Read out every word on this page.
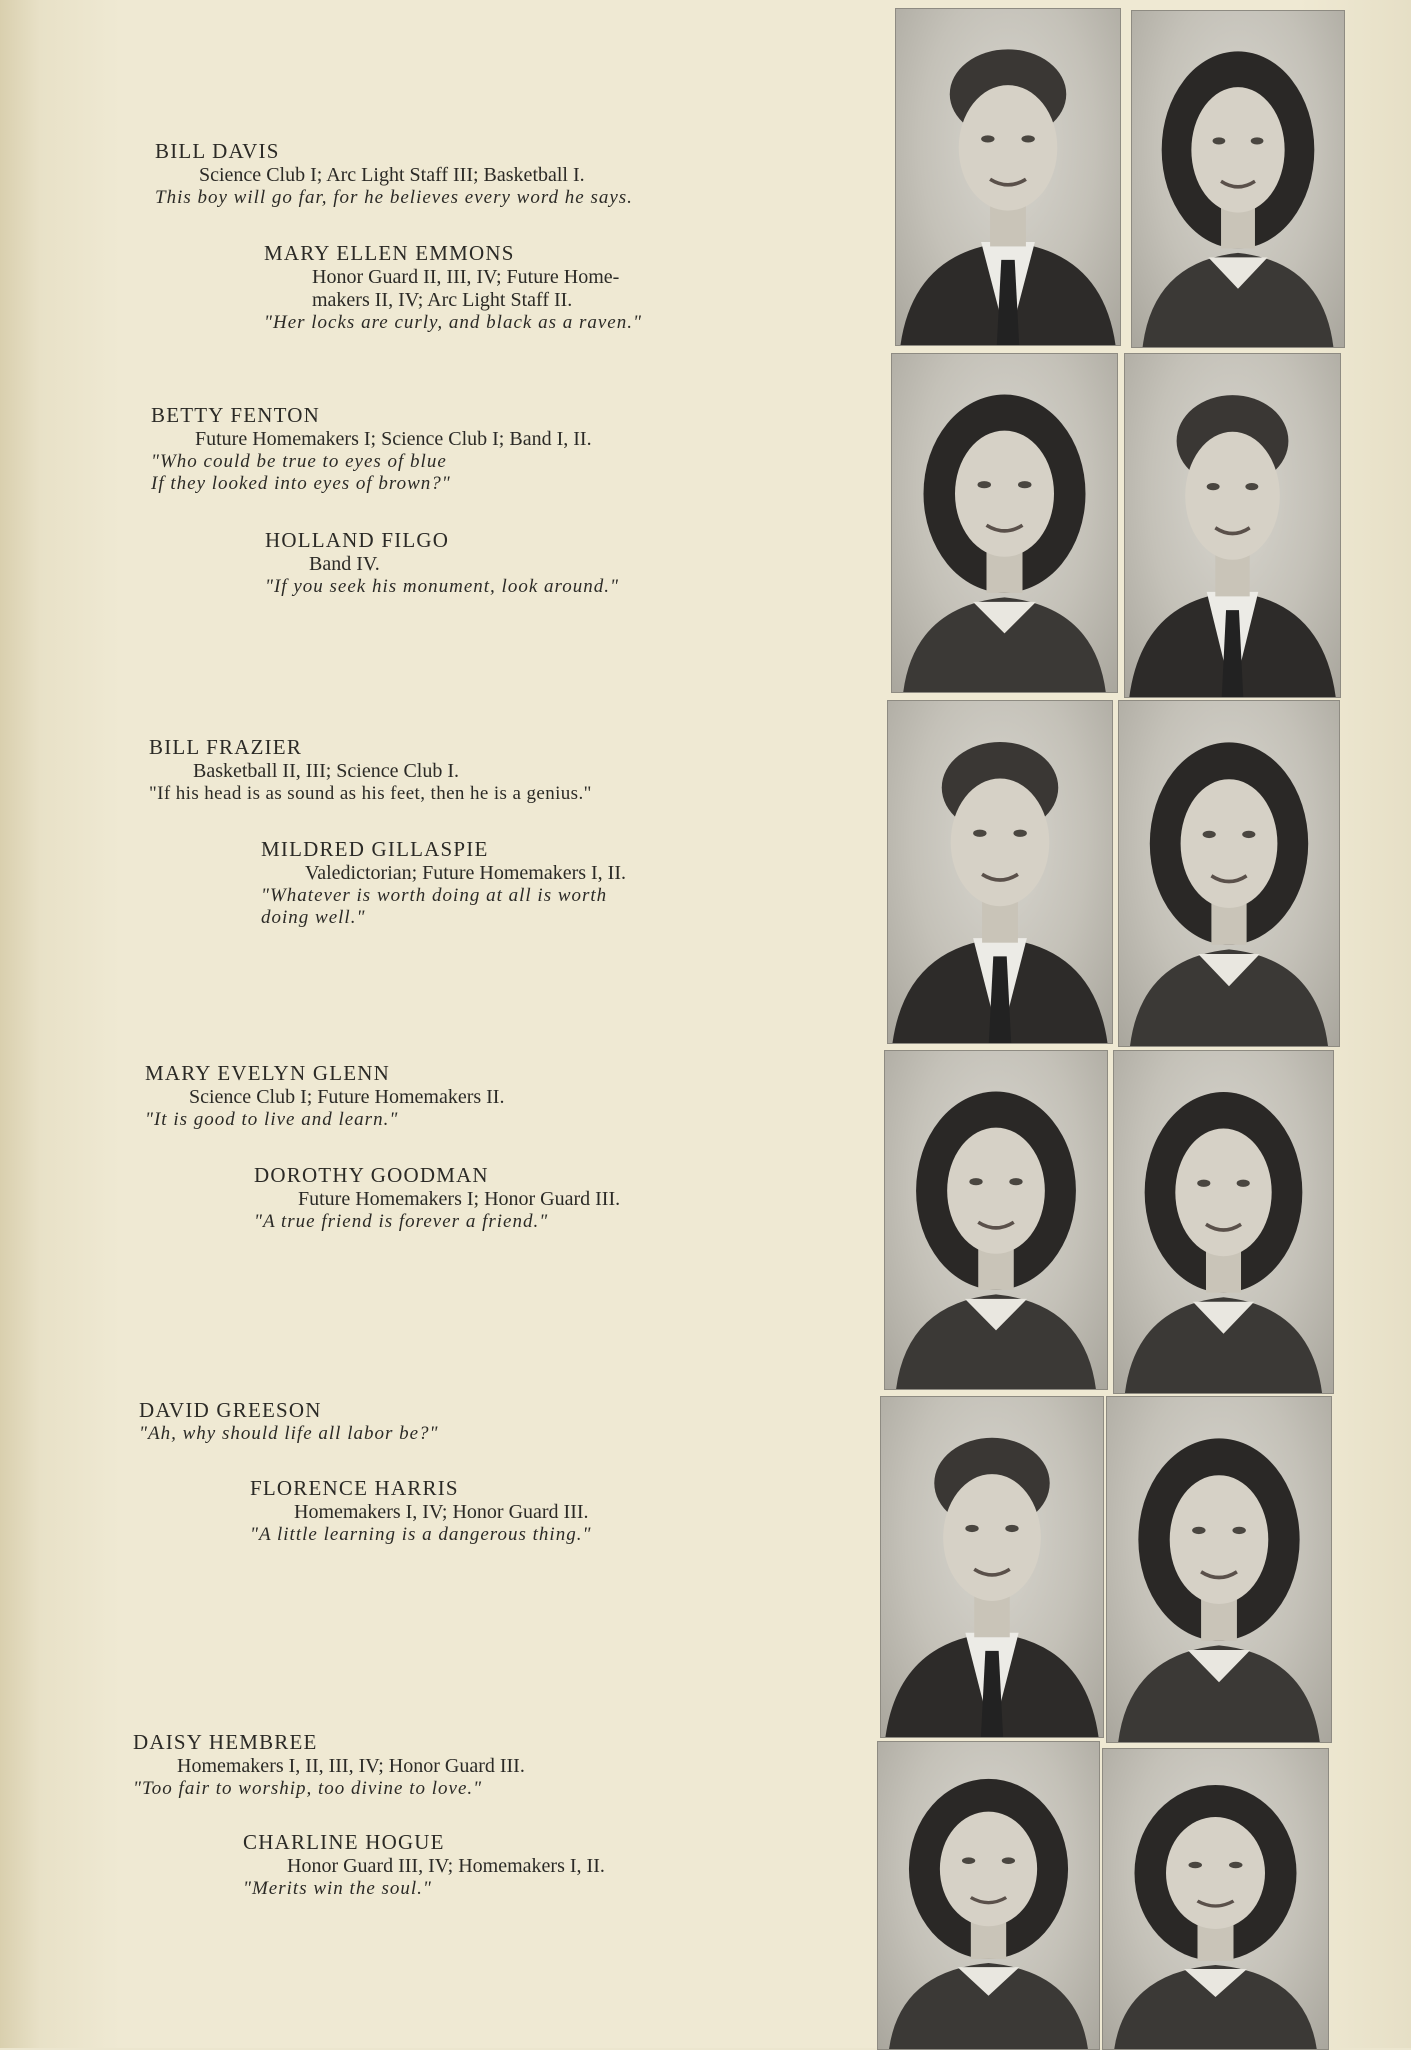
BILL DAVIS

Science Club I; Arc Light Staff III; Basketball I.

This boy will go far, for he believes every word he says.

MARY ELLEN EMMONS

Honor Guard II, III, IV; Future Home-
makers II, IV; Arc Light Staff II.

"Her locks are curly, and black as a raven."

BETTY FENTON

Future Homemakers I; Science Club I; Band I, II.

"Who could be true to eyes of blue
If they looked into eyes of brown?"

HOLLAND FILGO

Band IV.

"If you seek his monument, look around."

BILL FRAZIER

Basketball II, III; Science Club I.

"If his head is as sound as his feet, then he is a genius."

MILDRED GILLASPIE

Valedictorian; Future Homemakers I, II.

"Whatever is worth doing at all is worth
doing well."

MARY EVELYN GLENN

Science Club I; Future Homemakers II.

"It is good to live and learn."

DOROTHY GOODMAN

Future Homemakers I; Honor Guard III.

"A true friend is forever a friend."

DAVID GREESON

"Ah, why should life all labor be?"

FLORENCE HARRIS

Homemakers I, IV; Honor Guard III.

"A little learning is a dangerous thing."

DAISY HEMBREE

Homemakers I, II, III, IV; Honor Guard III.

"Too fair to worship, too divine to love."

CHARLINE HOGUE

Honor Guard III, IV; Homemakers I, II.

"Merits win the soul."
